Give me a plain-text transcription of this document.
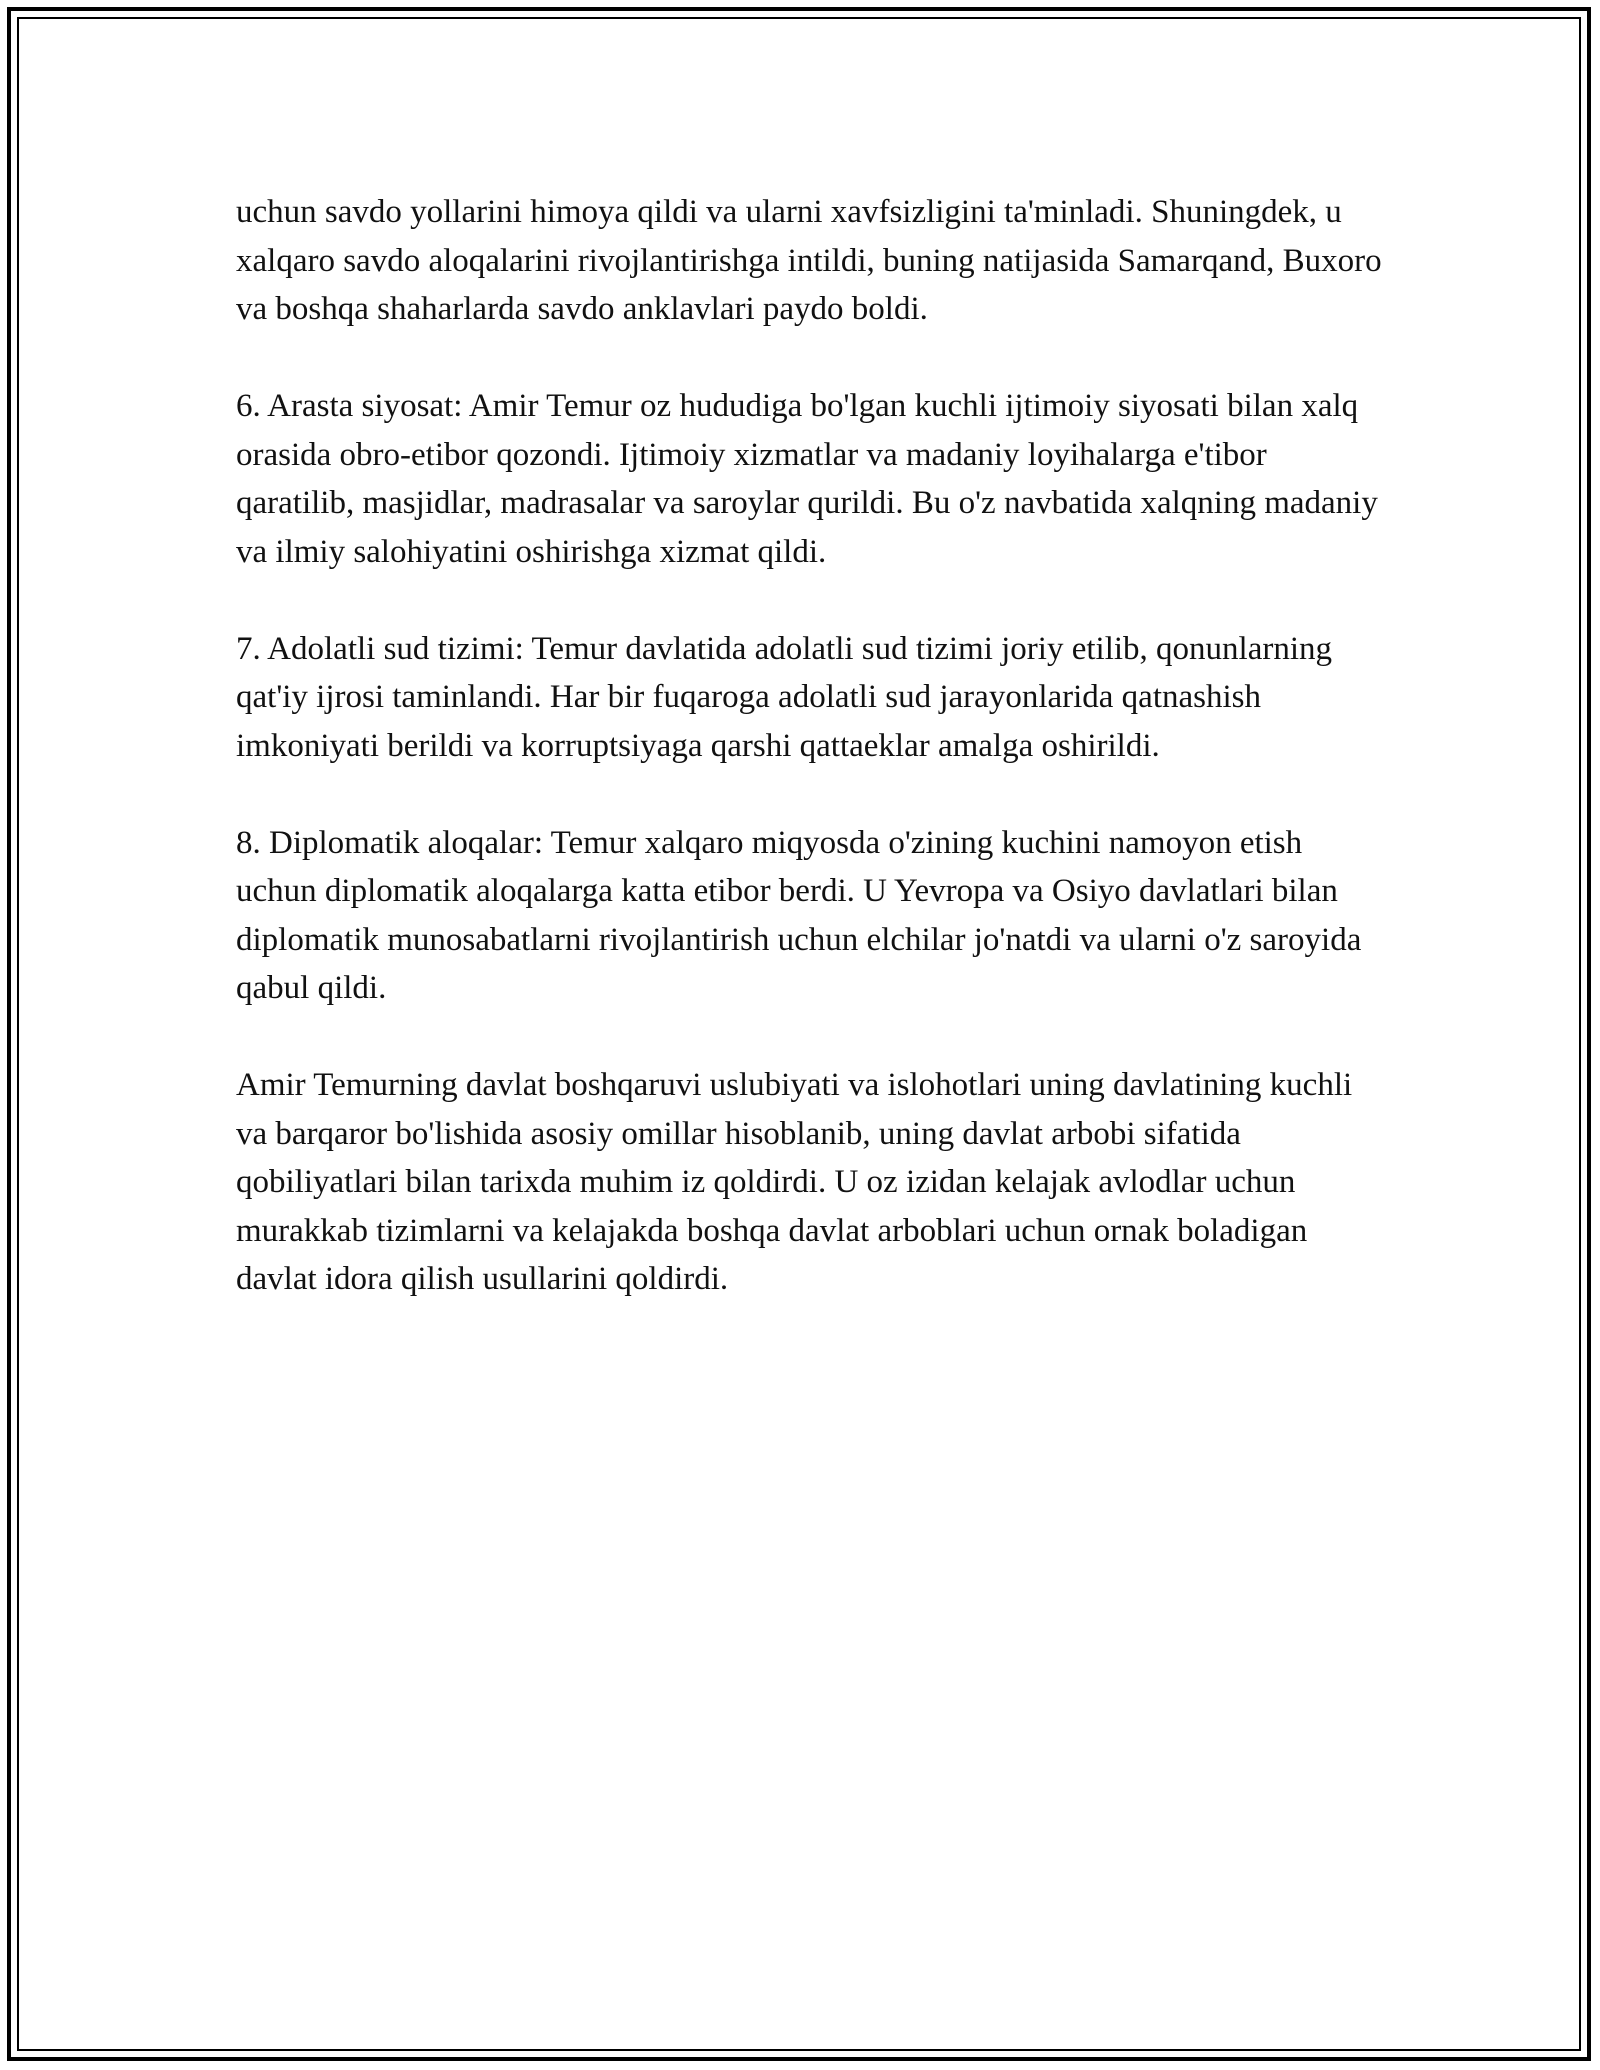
uchun savdo yollarini himoya qildi va ularni xavfsizligini ta'minladi. Shuningdek, u xalqaro savdo aloqalarini rivojlantirishga intildi, buning natijasida Samarqand, Buxoro va boshqa shaharlarda savdo anklavlari paydo boldi.

6. Arasta siyosat: Amir Temur oz hududiga bo'lgan kuchli ijtimoiy siyosati bilan xalq orasida obro-etibor qozondi. Ijtimoiy xizmatlar va madaniy loyihalarga e'tibor qaratilib, masjidlar, madrasalar va saroylar qurildi. Bu o'z navbatida xalqning madaniy va ilmiy salohiyatini oshirishga xizmat qildi.

7. Adolatli sud tizimi: Temur davlatida adolatli sud tizimi joriy etilib, qonunlarning qat'iy ijrosi taminlandi. Har bir fuqaroga adolatli sud jarayonlarida qatnashish imkoniyati berildi va korruptsiyaga qarshi qattaeklar amalga oshirildi.

8. Diplomatik aloqalar: Temur xalqaro miqyosda o'zining kuchini namoyon etish uchun diplomatik aloqalarga katta etibor berdi. U Yevropa va Osiyo davlatlari bilan diplomatik munosabatlarni rivojlantirish uchun elchilar jo'natdi va ularni o'z saroyida qabul qildi.

Amir Temurning davlat boshqaruvi uslubiyati va islohotlari uning davlatining kuchli va barqaror bo'lishida asosiy omillar hisoblanib, uning davlat arbobi sifatida qobiliyatlari bilan tarixda muhim iz qoldirdi. U oz izidan kelajak avlodlar uchun murakkab tizimlarni va kelajakda boshqa davlat arboblari uchun ornak boladigan davlat idora qilish usullarini qoldirdi.
